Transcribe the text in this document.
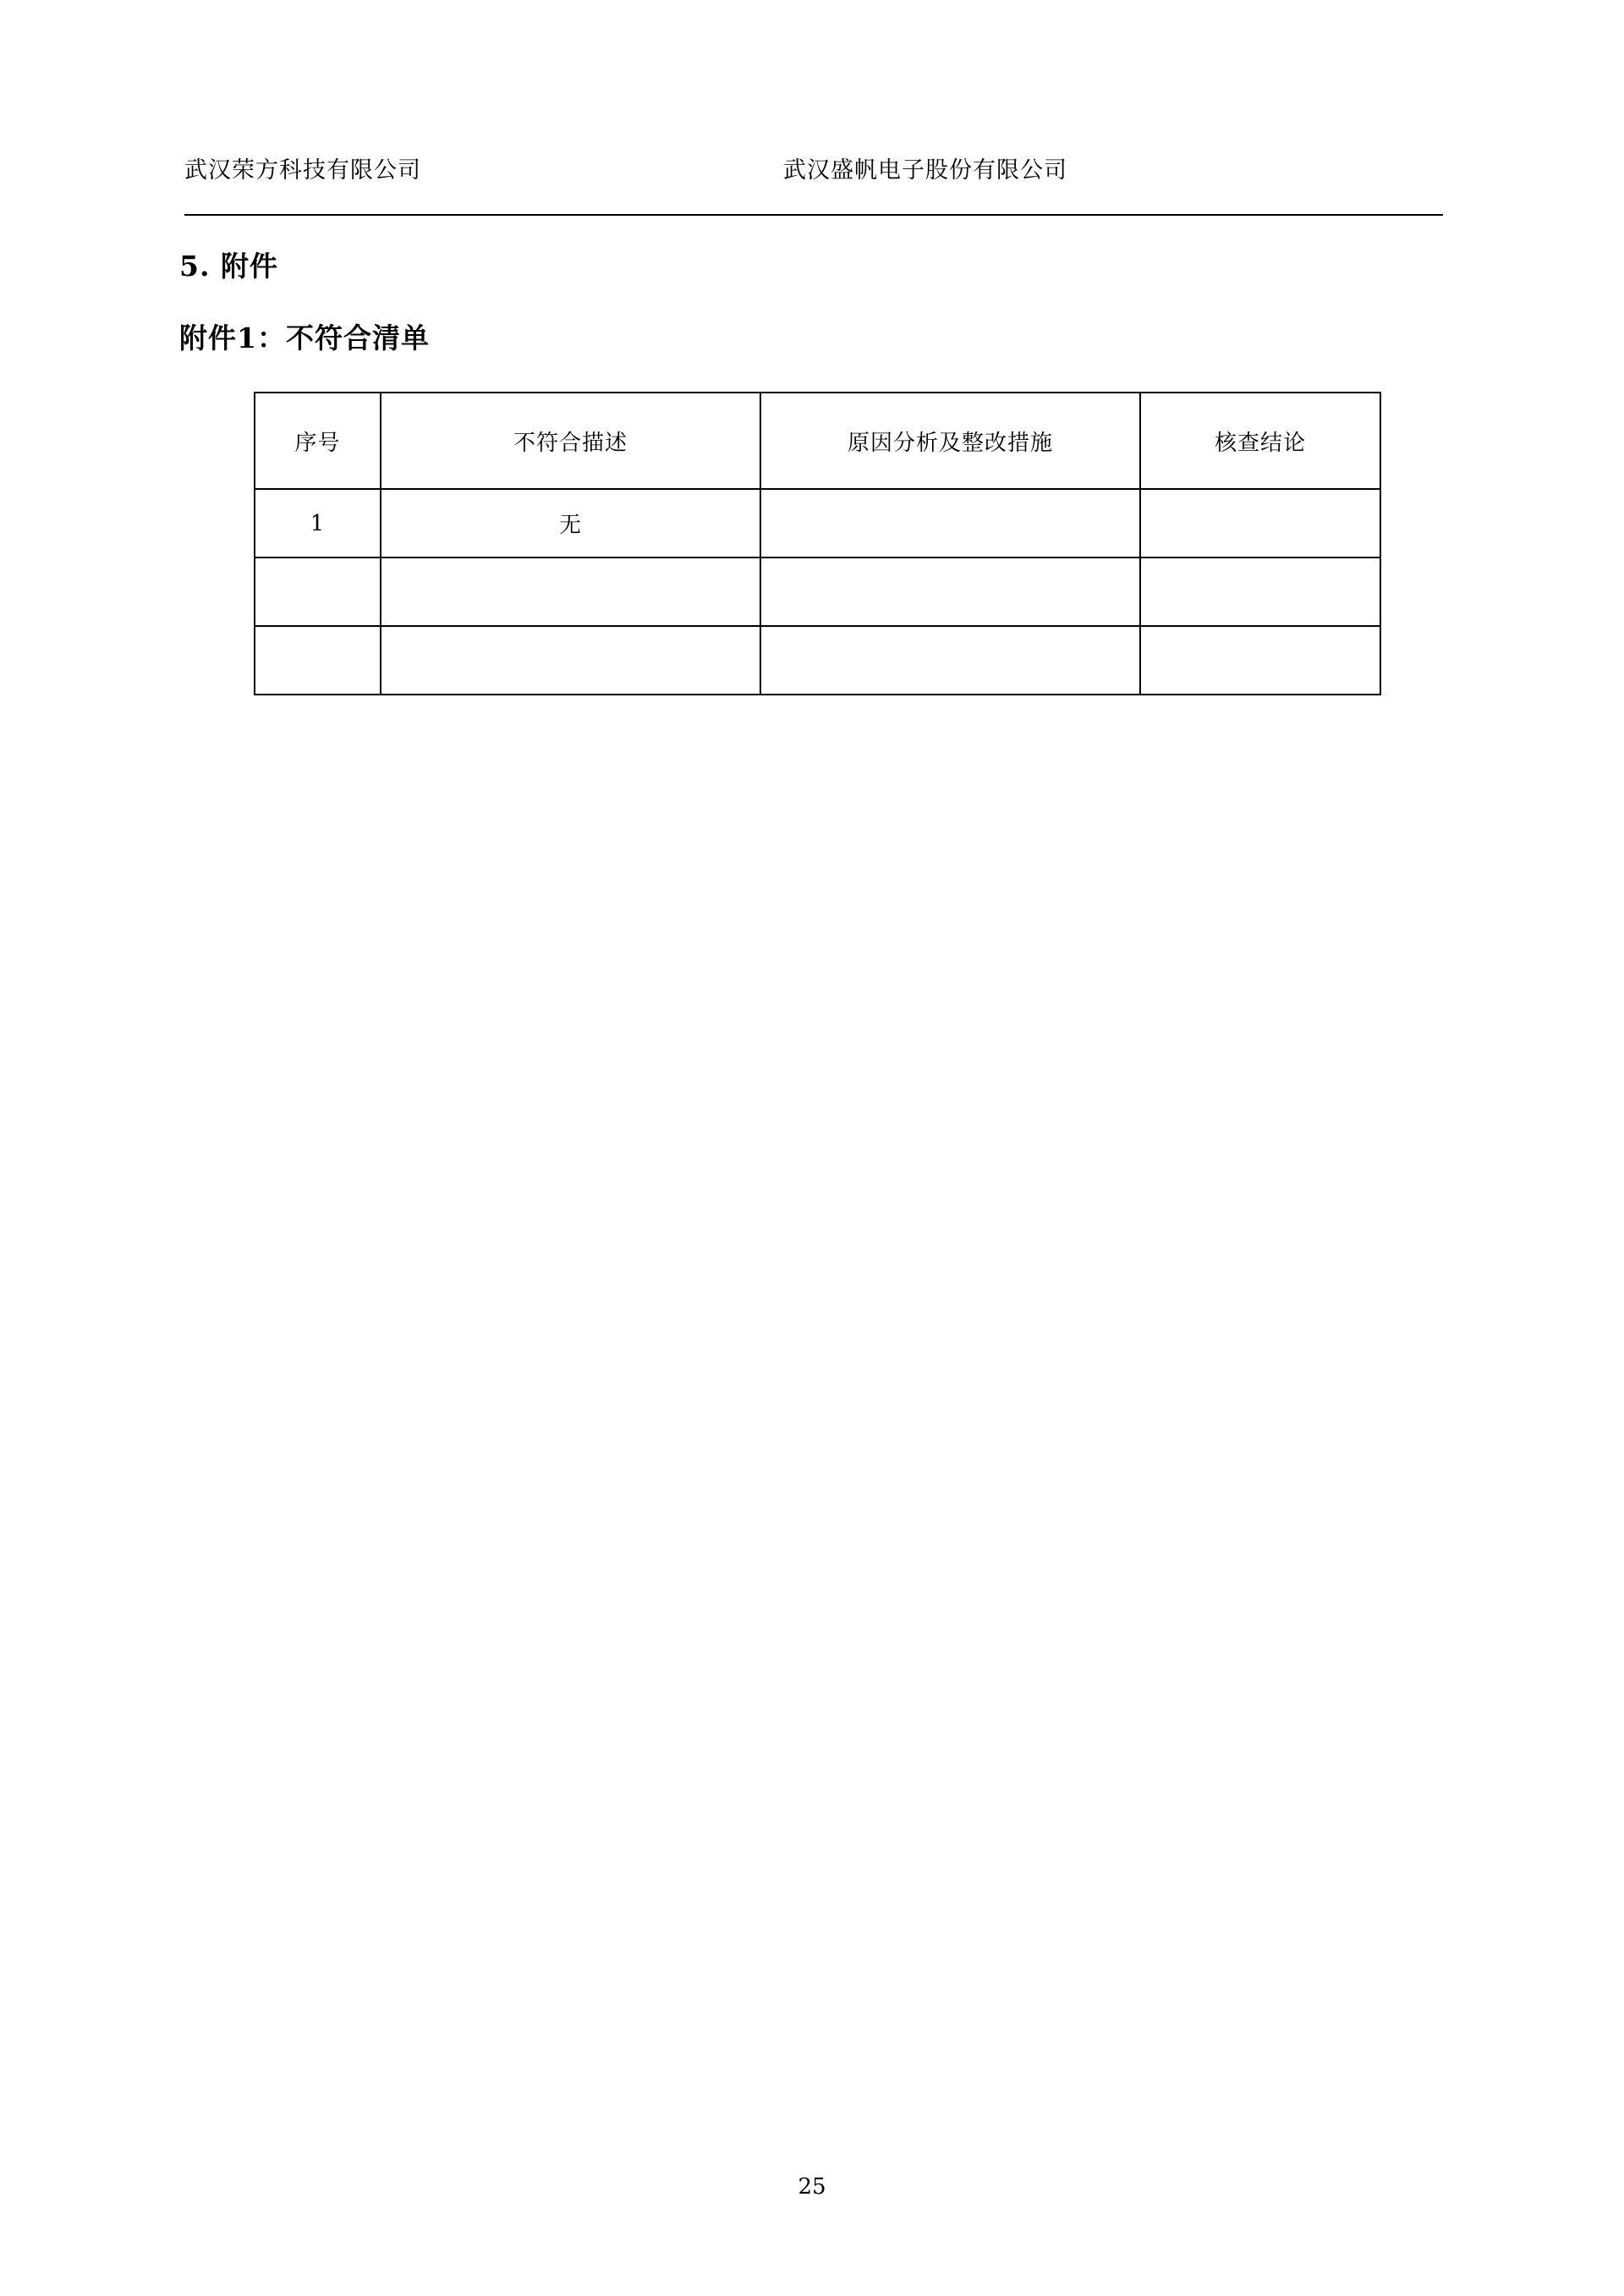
武汉荣方科技有限公司	武汉盛帆电子股份有限公司
5. 附件
附件1：不符合清单
序号	不符合描述	原因分析及整改措施	核查结论
1	无		

25
